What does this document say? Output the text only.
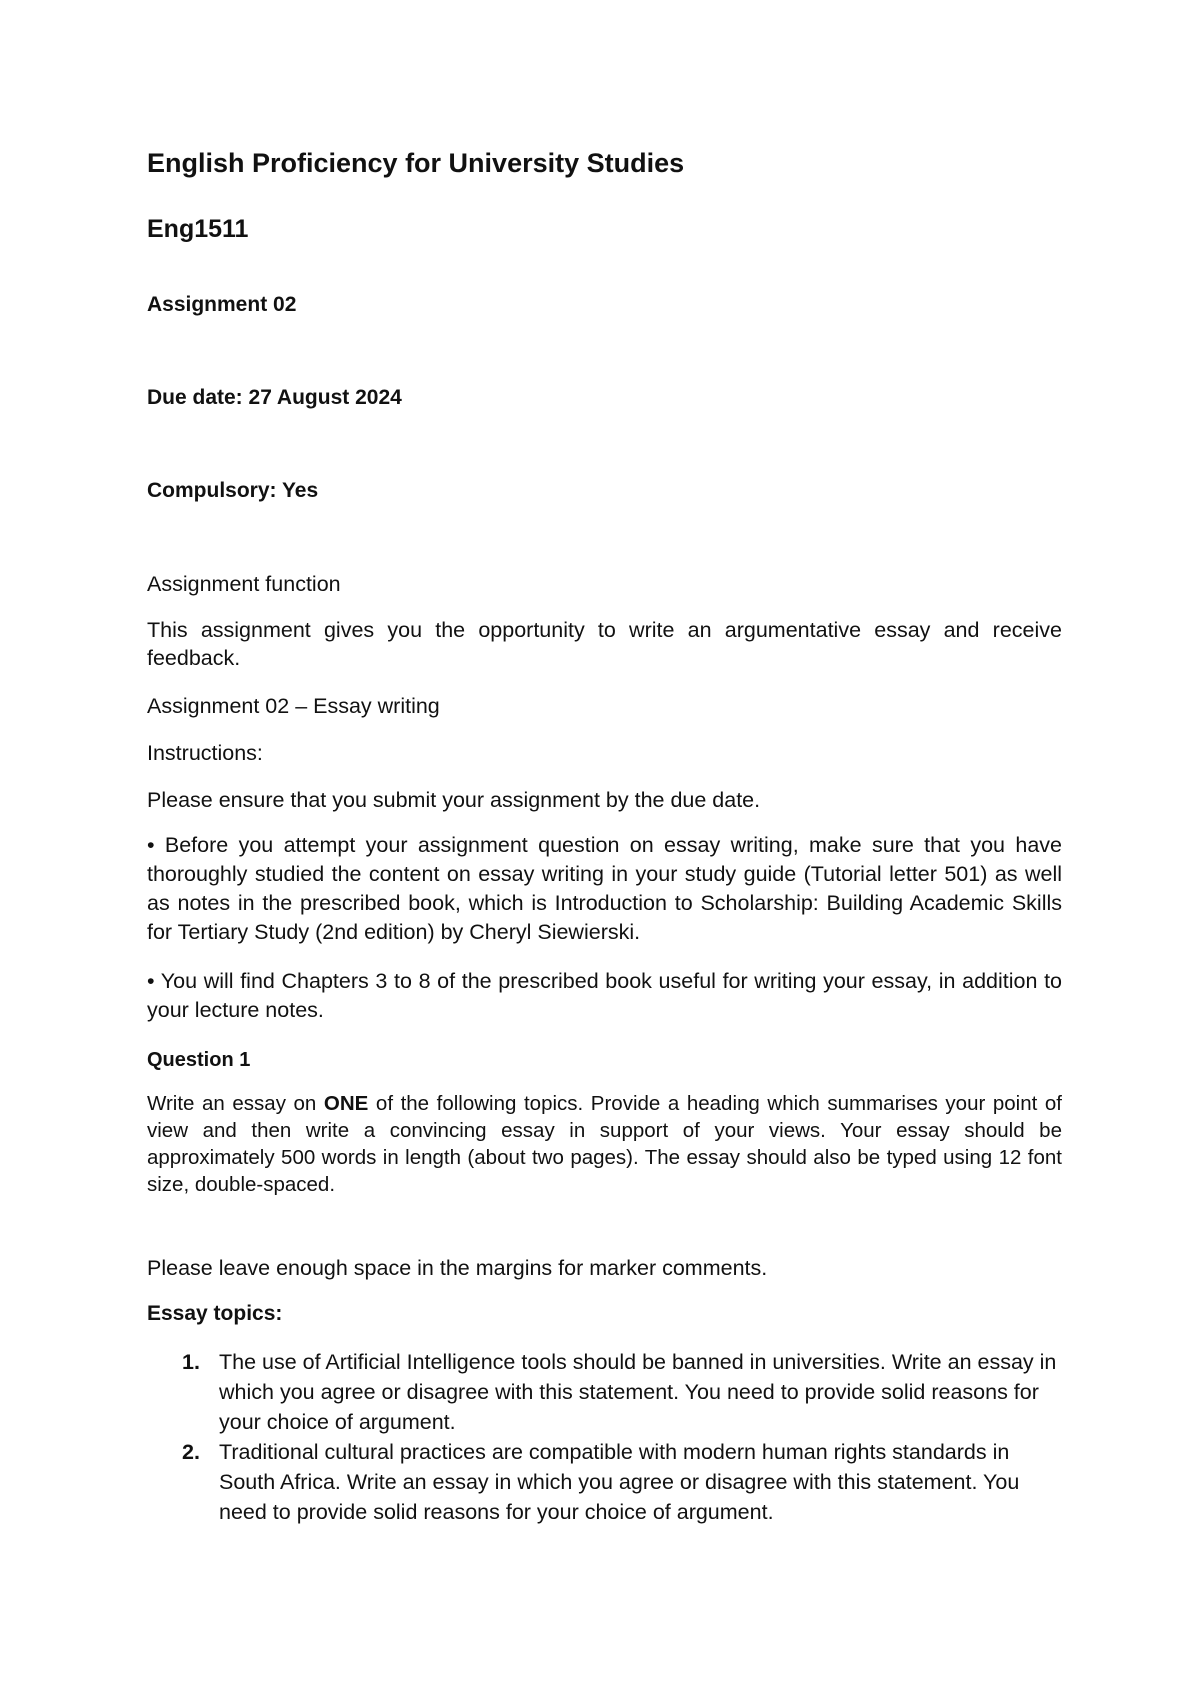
English Proficiency for University Studies
Eng1511
Assignment 02
Due date: 27 August 2024
Compulsory: Yes
Assignment function

This assignment gives you the opportunity to write an argumentative essay and receive feedback.

Assignment 02 – Essay writing
Instructions:
Please ensure that you submit your assignment by the due date.

• Before you attempt your assignment question on essay writing, make sure that you have thoroughly studied the content on essay writing in your study guide (Tutorial letter 501) as well as notes in the prescribed book, which is Introduction to Scholarship: Building Academic Skills for Tertiary Study (2nd edition) by Cheryl Siewierski.

• You will find Chapters 3 to 8 of the prescribed book useful for writing your essay, in addition to your lecture notes.

Question 1

Write an essay on ONE of the following topics. Provide a heading which summarises your point of view and then write a convincing essay in support of your views. Your essay should be approximately 500 words in length (about two pages). The essay should also be typed using 12 font size, double-spaced.

Please leave enough space in the margins for marker comments.
Essay topics:

1. The use of Artificial Intelligence tools should be banned in universities. Write an essay in which you agree or disagree with this statement. You need to provide solid reasons for your choice of argument.

2. Traditional cultural practices are compatible with modern human rights standards in South Africa. Write an essay in which you agree or disagree with this statement. You need to provide solid reasons for your choice of argument.
